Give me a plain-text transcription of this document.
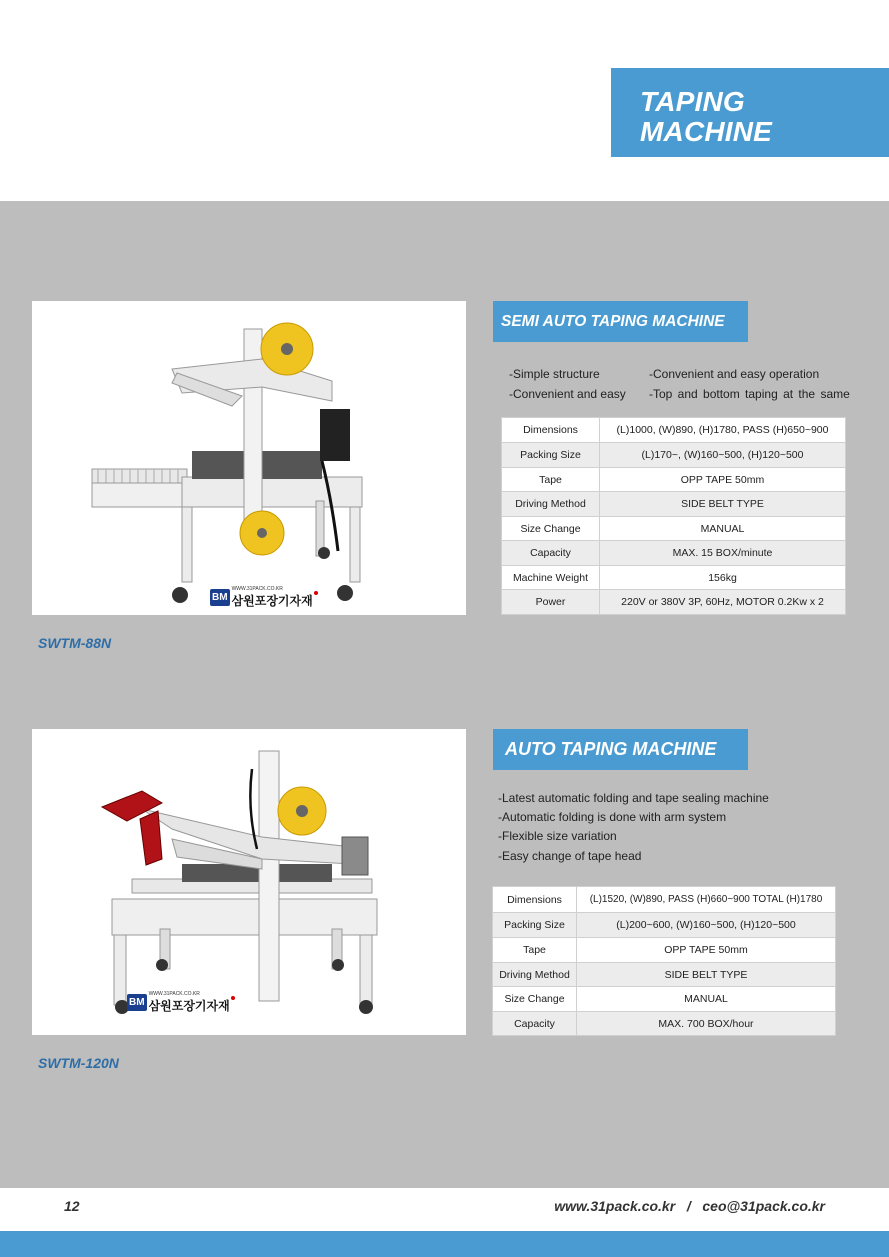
TAPING
MACHINE
BM
WWW.31PACK.CO.KR
삼원포장기자재
SWTM-88N
SEMI AUTO TAPING MACHINE
-Simple structure	-Convenient and easy operation
-Convenient and easy -Top and bottom taping at the same
Dimensions	(L)1000, (W)890, (H)1780, PASS (H)650~900
Packing Size	(L)170~, (W)160~500, (H)120~500
Tape	OPP TAPE 50mm
Driving Method	SIDE BELT TYPE
Size Change	MANUAL
Capacity	MAX. 15 BOX/minute
Machine Weight	156kg
Power	220V or 380V 3P, 60Hz, MOTOR 0.2Kw x 2
BM
WWW.31PACK.CO.KR
삼원포장기자재
SWTM-120N
AUTO TAPING MACHINE
-Latest automatic folding and tape sealing machine
-Automatic folding is done with arm system
-Flexible size variation
-Easy change of tape head
Dimensions	(L)1520, (W)890, PASS (H)660~900 TOTAL (H)1780
Packing Size	(L)200~600, (W)160~500, (H)120~500
Tape	OPP TAPE 50mm
Driving Method	SIDE BELT TYPE
Size Change	MANUAL
Capacity	MAX. 700 BOX/hour
12	www.31pack.co.kr   /   ceo@31pack.co.kr
